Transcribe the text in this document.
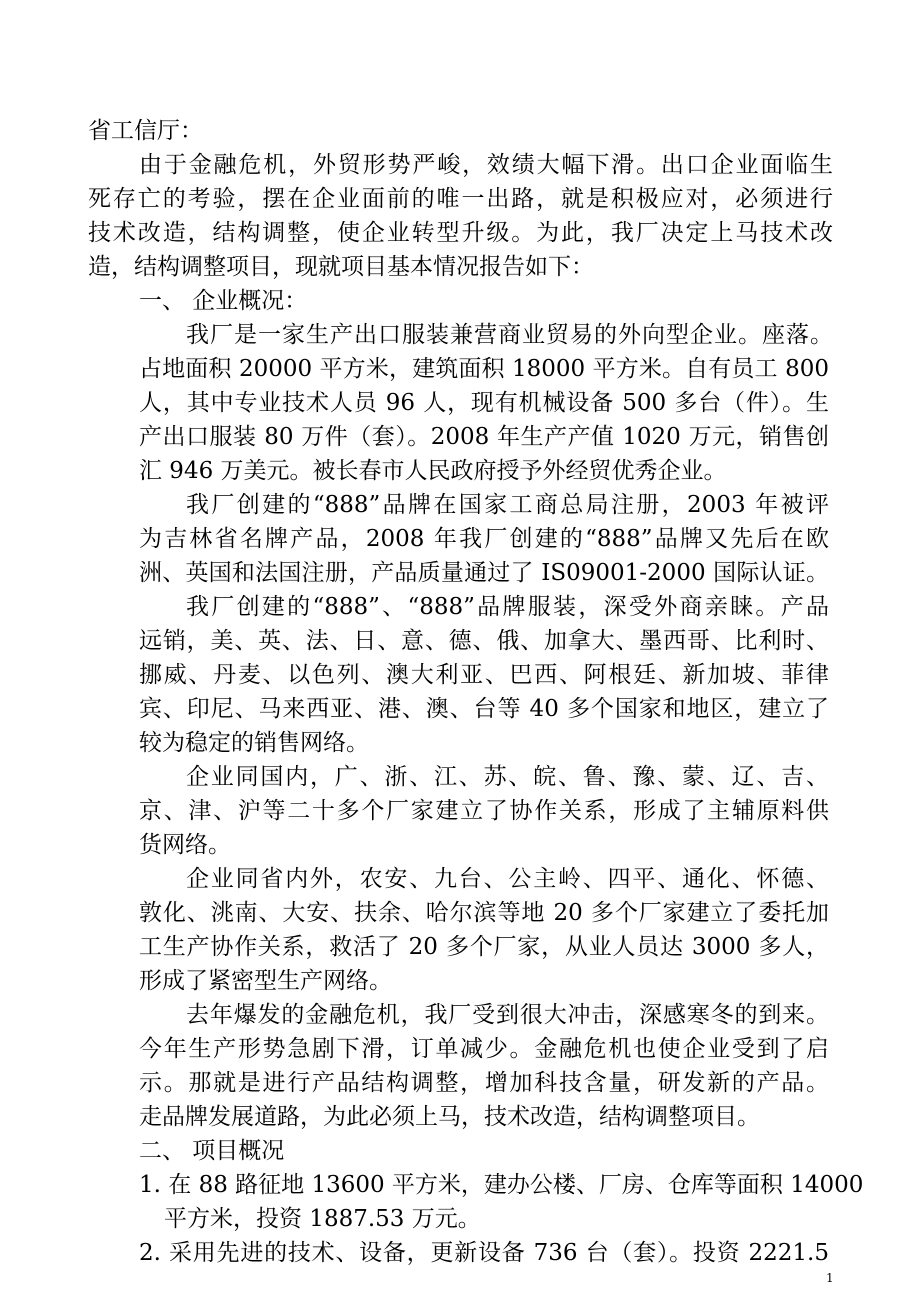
省工信厅：

由于金融危机，外贸形势严峻，效绩大幅下滑。出口企业面临生

死存亡的考验，摆在企业面前的唯一出路，就是积极应对，必须进行

技术改造，结构调整，使企业转型升级。为此，我厂决定上马技术改

造，结构调整项目，现就项目基本情况报告如下：

一、 企业概况：

我厂是一家生产出口服装兼营商业贸易的外向型企业。座落。

占地面积 20000 平方米，建筑面积 18000 平方米。自有员工 800

人，其中专业技术人员 96 人，现有机械设备 500 多台（件）。生

产出口服装 80 万件（套）。2008 年生产产值 1020 万元，销售创

汇 946 万美元。被长春市人民政府授予外经贸优秀企业。

我厂创建的“888”品牌在国家工商总局注册，2003 年被评

为吉林省名牌产品，2008 年我厂创建的“888”品牌又先后在欧

洲、英国和法国注册，产品质量通过了 IS09001-2000 国际认证。

我厂创建的“888”、“888”品牌服装，深受外商亲睐。产品

远销，美、英、法、日、意、德、俄、加拿大、墨西哥、比利时、

挪威、丹麦、以色列、澳大利亚、巴西、阿根廷、新加坡、菲律

宾、印尼、马来西亚、港、澳、台等 40 多个国家和地区，建立了

较为稳定的销售网络。

企业同国内，广、浙、江、苏、皖、鲁、豫、蒙、辽、吉、

京、津、沪等二十多个厂家建立了协作关系，形成了主辅原料供

货网络。

企业同省内外，农安、九台、公主岭、四平、通化、怀德、

敦化、洮南、大安、扶余、哈尔滨等地 20 多个厂家建立了委托加

工生产协作关系，救活了 20 多个厂家，从业人员达 3000 多人，

形成了紧密型生产网络。

去年爆发的金融危机，我厂受到很大冲击，深感寒冬的到来。

今年生产形势急剧下滑，订单减少。金融危机也使企业受到了启

示。那就是进行产品结构调整，增加科技含量，研发新的产品。

走品牌发展道路，为此必须上马，技术改造，结构调整项目。

二、 项目概况

1. 在 88 路征地 13600 平方米，建办公楼、厂房、仓库等面积 14000

平方米，投资 1887.53 万元。

2. 采用先进的技术、设备，更新设备 736 台（套）。投资 2221.5

1
